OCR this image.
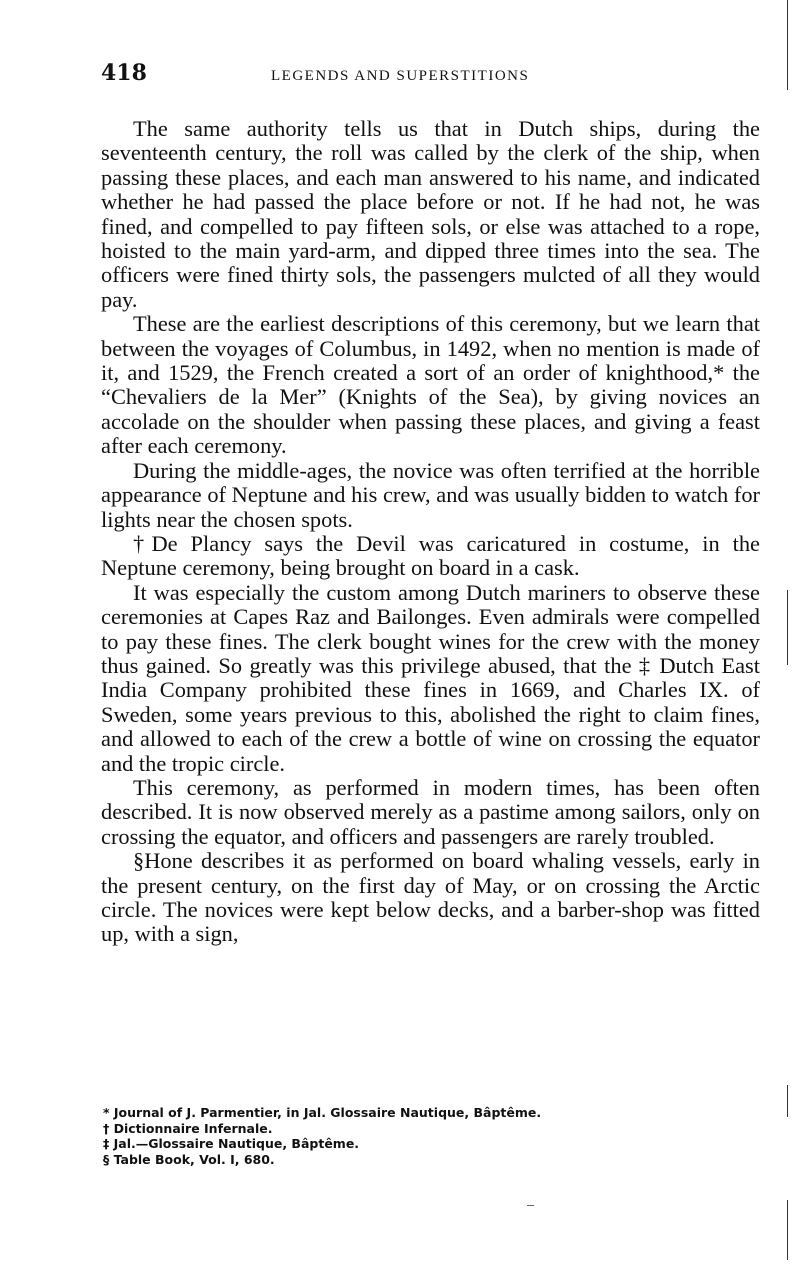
418	LEGENDS AND SUPERSTITIONS

The same authority tells us that in Dutch ships, during the seventeenth century, the roll was called by the clerk of the ship, when passing these places, and each man answered to his name, and indicated whether he had passed the place before or not. If he had not, he was fined, and compelled to pay fifteen sols, or else was attached to a rope, hoisted to the main yard-arm, and dipped three times into the sea. The officers were fined thirty sols, the passengers mulcted of all they would pay.

These are the earliest descriptions of this ceremony, but we learn that between the voyages of Columbus, in 1492, when no mention is made of it, and 1529, the French created a sort of an order of knighthood,* the “Chevaliers de la Mer” (Knights of the Sea), by giving novices an accolade on the shoulder when passing these places, and giving a feast after each ceremony.

During the middle-ages, the novice was often terrified at the horrible appearance of Neptune and his crew, and was usually bidden to watch for lights near the chosen spots.

†De Plancy says the Devil was caricatured in costume, in the Neptune ceremony, being brought on board in a cask.

It was especially the custom among Dutch mariners to observe these ceremonies at Capes Raz and Bailonges. Even admirals were compelled to pay these fines. The clerk bought wines for the crew with the money thus gained. So greatly was this privilege abused, that the ‡ Dutch East India Company prohibited these fines in 1669, and Charles IX. of Sweden, some years previous to this, abolished the right to claim fines, and allowed to each of the crew a bottle of wine on crossing the equator and the tropic circle.

This ceremony, as performed in modern times, has been often described. It is now observed merely as a pastime among sailors, only on crossing the equator, and officers and passengers are rarely troubled.

§Hone describes it as performed on board whaling vessels, early in the present century, on the first day of May, or on crossing the Arctic circle. The novices were kept below decks, and a barber-shop was fitted up, with a sign,

* Journal of J. Parmentier, in Jal. Glossaire Nautique, Bâptême.

† Dictionnaire Infernale.

‡ Jal.—Glossaire Nautique, Bâptême.

§ Table Book, Vol. I, 680.
